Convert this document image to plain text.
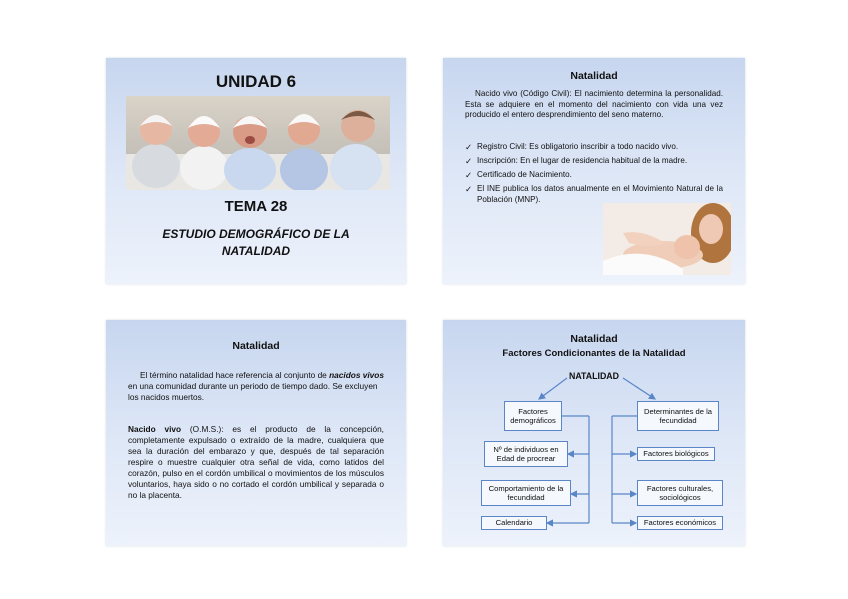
UNIDAD 6
TEMA 28
ESTUDIO DEMOGRÁFICO DE LA
NATALIDAD
Natalidad
Nacido vivo (Código Civil): El nacimiento determina la personalidad. Esta se adquiere en el momento del nacimiento con vida una vez producido el entero desprendimiento del seno materno.
✓ Registro Civil: Es obligatorio inscribir a todo nacido vivo.
✓ Inscripción: En el lugar de residencia habitual de la madre.
✓ Certificado de Nacimiento.
✓ El INE publica los datos anualmente en el Movimiento Natural de la Población (MNP).
Natalidad
El término natalidad hace referencia al conjunto de nacidos vivos en una comunidad durante un periodo de tiempo dado. Se excluyen los nacidos muertos.
Nacido vivo (O.M.S.): es el producto de la concepción, completamente expulsado o extraído de la madre, cualquiera que sea la duración del embarazo y que, después de tal separación respire o muestre cualquier otra señal de vida, como latidos del corazón, pulso en el cordón umbilical o movimientos de los músculos voluntarios, haya sido o no cortado el cordón umbilical y separada o no la placenta.
Natalidad
Factores Condicionantes de la Natalidad
NATALIDAD
Factores demográficos
Nº de individuos en Edad de procrear
Comportamiento de la fecundidad
Calendario
Determinantes de la fecundidad
Factores biológicos
Factores culturales, sociológicos
Factores económicos
